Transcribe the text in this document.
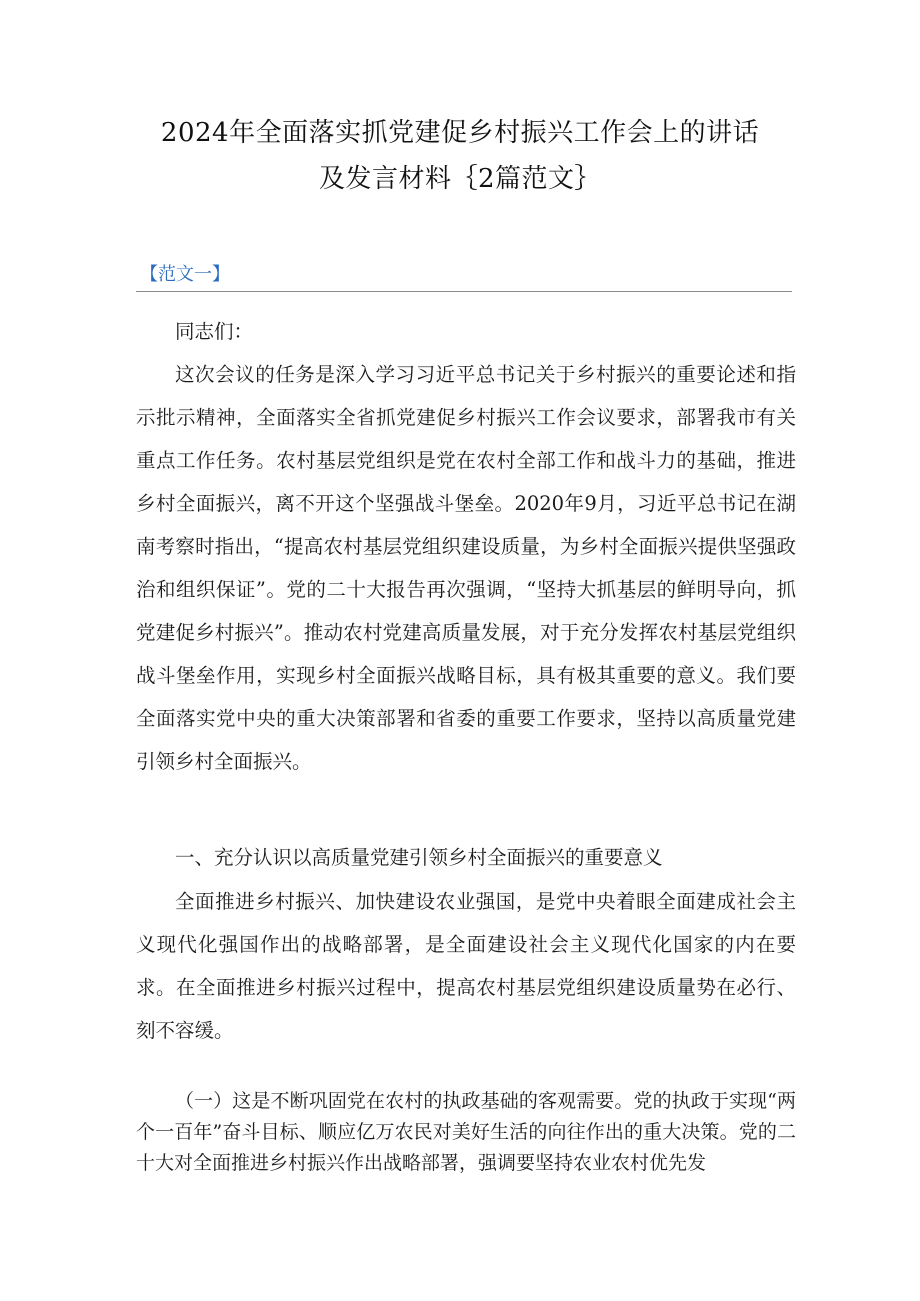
2024年全面落实抓党建促乡村振兴工作会上的讲话
及发言材料｛2篇范文｝
【范文一】

同志们：

这次会议的任务是深入学习习近平总书记关于乡村振兴的重要论述和指示批示精神，全面落实全省抓党建促乡村振兴工作会议要求，部署我市有关重点工作任务。农村基层党组织是党在农村全部工作和战斗力的基础，推进乡村全面振兴，离不开这个坚强战斗堡垒。2020年9月，习近平总书记在湖南考察时指出，“提高农村基层党组织建设质量，为乡村全面振兴提供坚强政治和组织保证”。党的二十大报告再次强调，“坚持大抓基层的鲜明导向，抓党建促乡村振兴”。推动农村党建高质量发展，对于充分发挥农村基层党组织战斗堡垒作用，实现乡村全面振兴战略目标，具有极其重要的意义。我们要全面落实党中央的重大决策部署和省委的重要工作要求，坚持以高质量党建引领乡村全面振兴。

一、充分认识以高质量党建引领乡村全面振兴的重要意义

全面推进乡村振兴、加快建设农业强国，是党中央着眼全面建成社会主义现代化强国作出的战略部署，是全面建设社会主义现代化国家的内在要求。在全面推进乡村振兴过程中，提高农村基层党组织建设质量势在必行、刻不容缓。

（一）这是不断巩固党在农村的执政基础的客观需要。党的执政于实现“两个一百年”奋斗目标、顺应亿万农民对美好生活的向往作出的重大决策。党的二十大对全面推进乡村振兴作出战略部署，强调要坚持农业农村优先发
